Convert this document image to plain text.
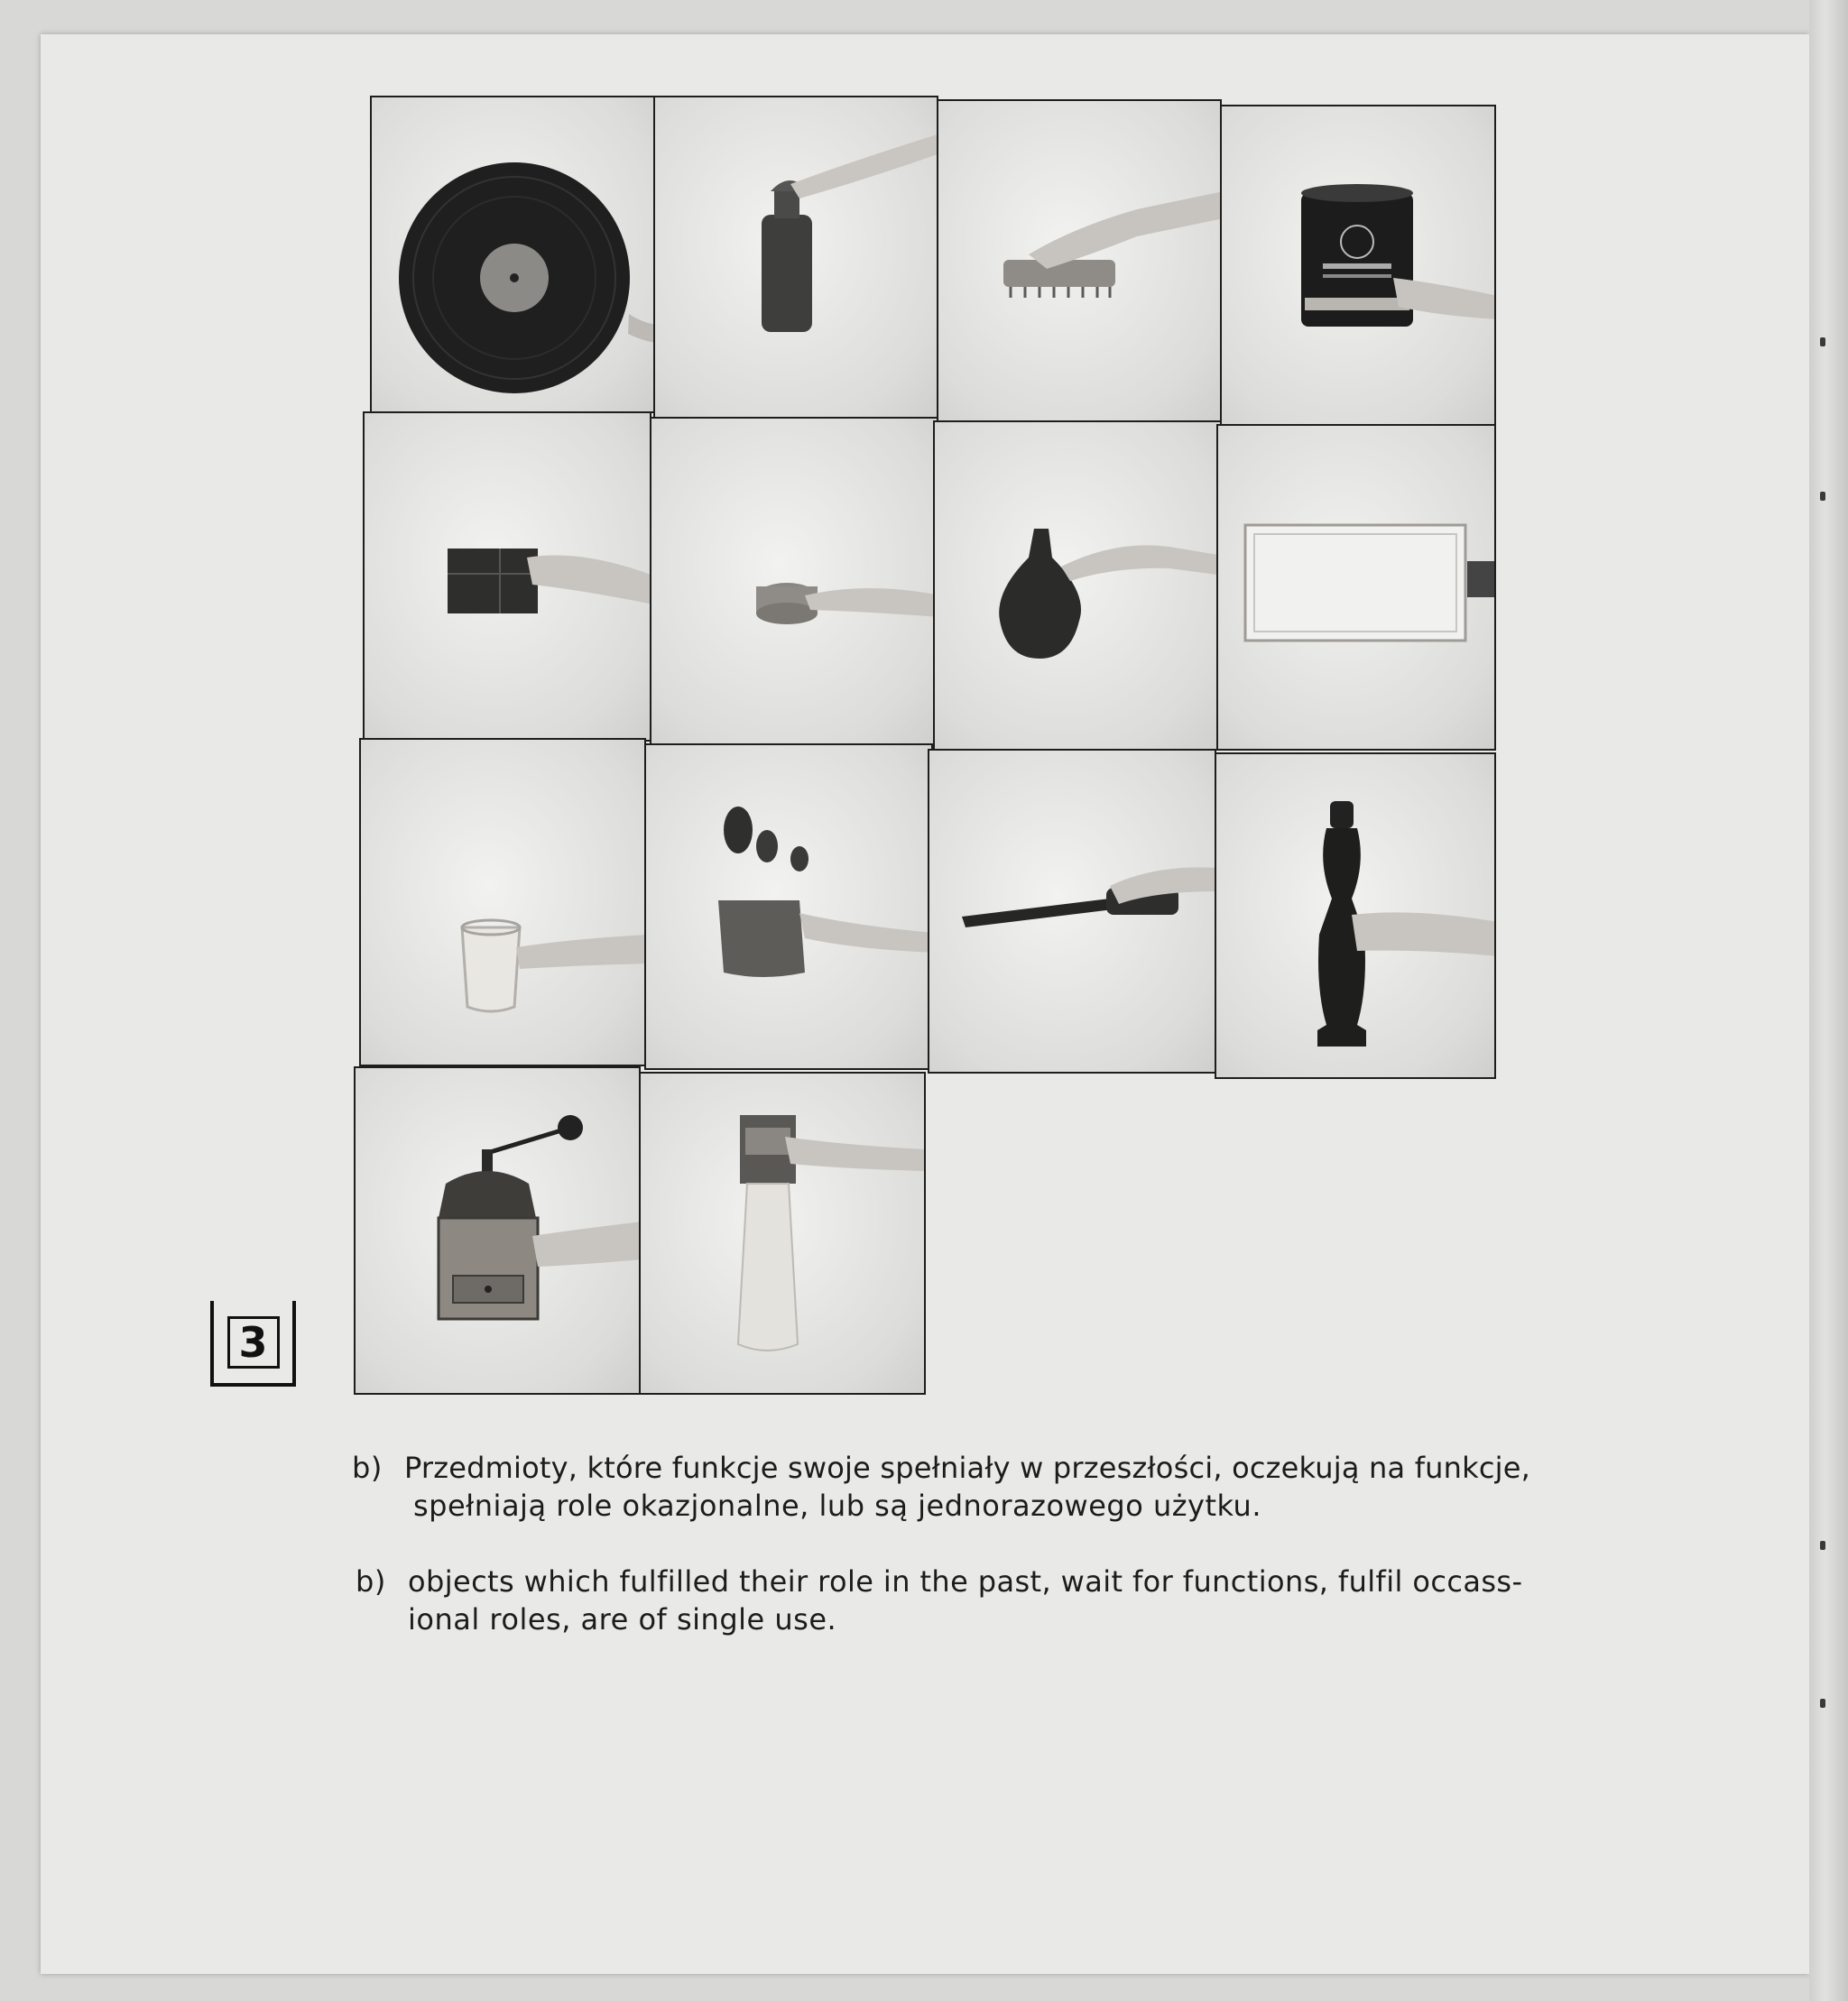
3
b) Przedmioty, które funkcje swoje spełniały w przeszłości, oczekują na funkcje,
spełniają role okazjonalne, lub są jednorazowego użytku.
b) objects which fulfilled their role in the past, wait for functions, fulfil occass-
ional roles, are of single use.
